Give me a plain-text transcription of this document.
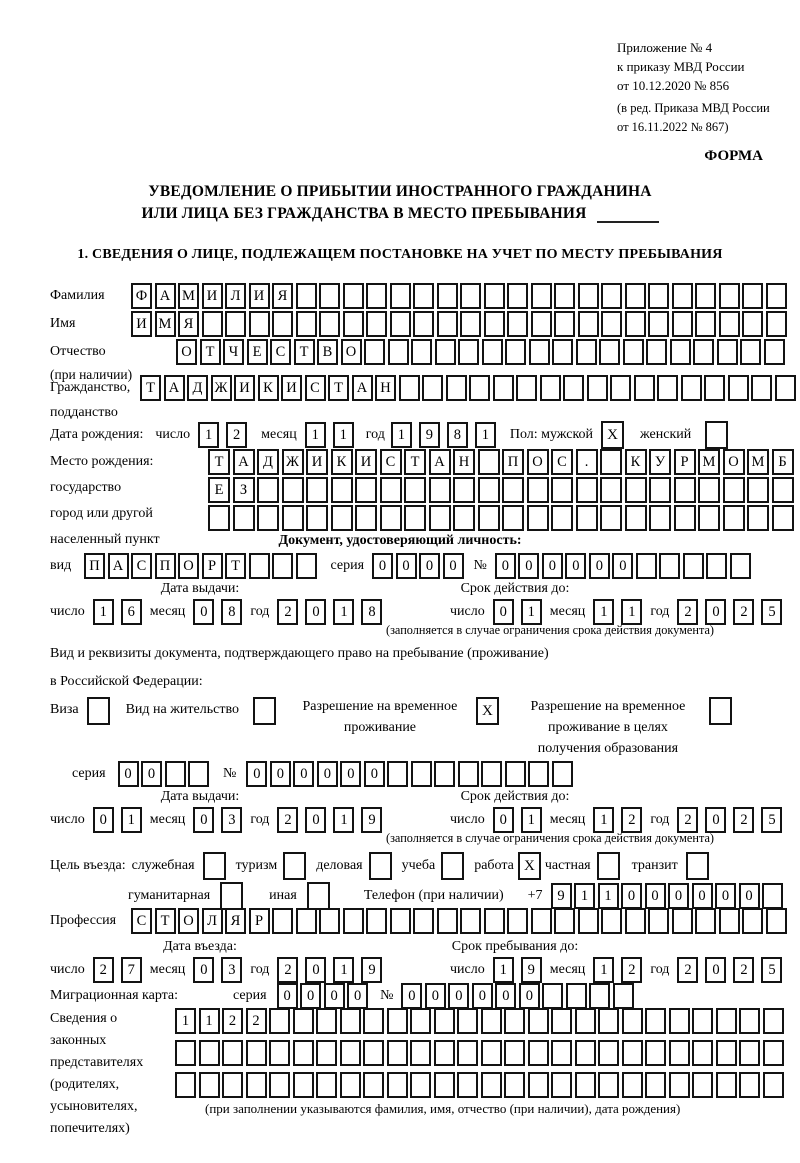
Приложение № 4
к приказу МВД России
от 10.12.2020 № 856
(в ред. Приказа МВД России
от 16.11.2022 № 867)
ФОРМА
УВЕДОМЛЕНИЕ О ПРИБЫТИИ ИНОСТРАННОГО ГРАЖДАНИНА
ИЛИ ЛИЦА БЕЗ ГРАЖДАНСТВА В МЕСТО ПРЕБЫВАНИЯ
1. СВЕДЕНИЯ О ЛИЦЕ, ПОДЛЕЖАЩЕМ ПОСТАНОВКЕ НА УЧЕТ ПО МЕСТУ ПРЕБЫВАНИЯ
Фамилия	Ф А М И Л И Я
Имя	И М Я
Отчество
(при наличии)
О Т Ч Е С Т В О
Гражданство,
подданство
Т А Д Ж И К И С Т А Н
Дата рождения: число	1	2	месяц	1	1	год 1	9	8	1	Пол: мужской X	женский
Место рождения:
государство
город или другой
населенный пункт
Т	А Д Ж И К И С	Т	А Н	П О С	.	К	У	Р М О М Б
Е	З
Документ, удостоверяющий личность:
вид	П А С П О Р	Т	серия	0	0	0	0	№	0	0	0	0	0	0
Дата выдачи:	Срок действия до:
число	1	6	месяц	0	8	год	2	0	1	8	число	0	1	месяц	1	1	год	2	0	2	5
(заполняется в случае ограничения срока действия документа)
Вид и реквизиты документа, подтверждающего право на пребывание (проживание)
в Российской Федерации:
Виза	Вид на жительство	Разрешение на временное
проживание
X	Разрешение на временное
проживание в целях
получения образования
серия	0	0	№	0	0	0	0	0	0
Дата выдачи:	Срок действия до:
число	0	1	месяц	0	3	год	2	0	1	9	число	0	1	месяц	1	2	год	2	0	2	5
(заполняется в случае ограничения срока действия документа)
Цель въезда: служебная	туризм	деловая	учеба	работа X частная	транзит
гуманитарная	иная	Телефон (при наличии) +7	9	1	1	0	0	0	0	0	0
Профессия	С Т О Л Я	Р
Дата въезда:	Срок пребывания до:
число	2	7	месяц	0	3	год	2	0	1	9	число	1	9	месяц	1	2	год	2	0	2	5
Миграционная карта:	серия	0	0	0	0	№	0	0	0	0	0	0
Сведения о
законных
представителях
(родителях,
усыновителях,
попечителях)
1	1	2	2
(при заполнении указываются фамилия, имя, отчество (при наличии), дата рождения)
